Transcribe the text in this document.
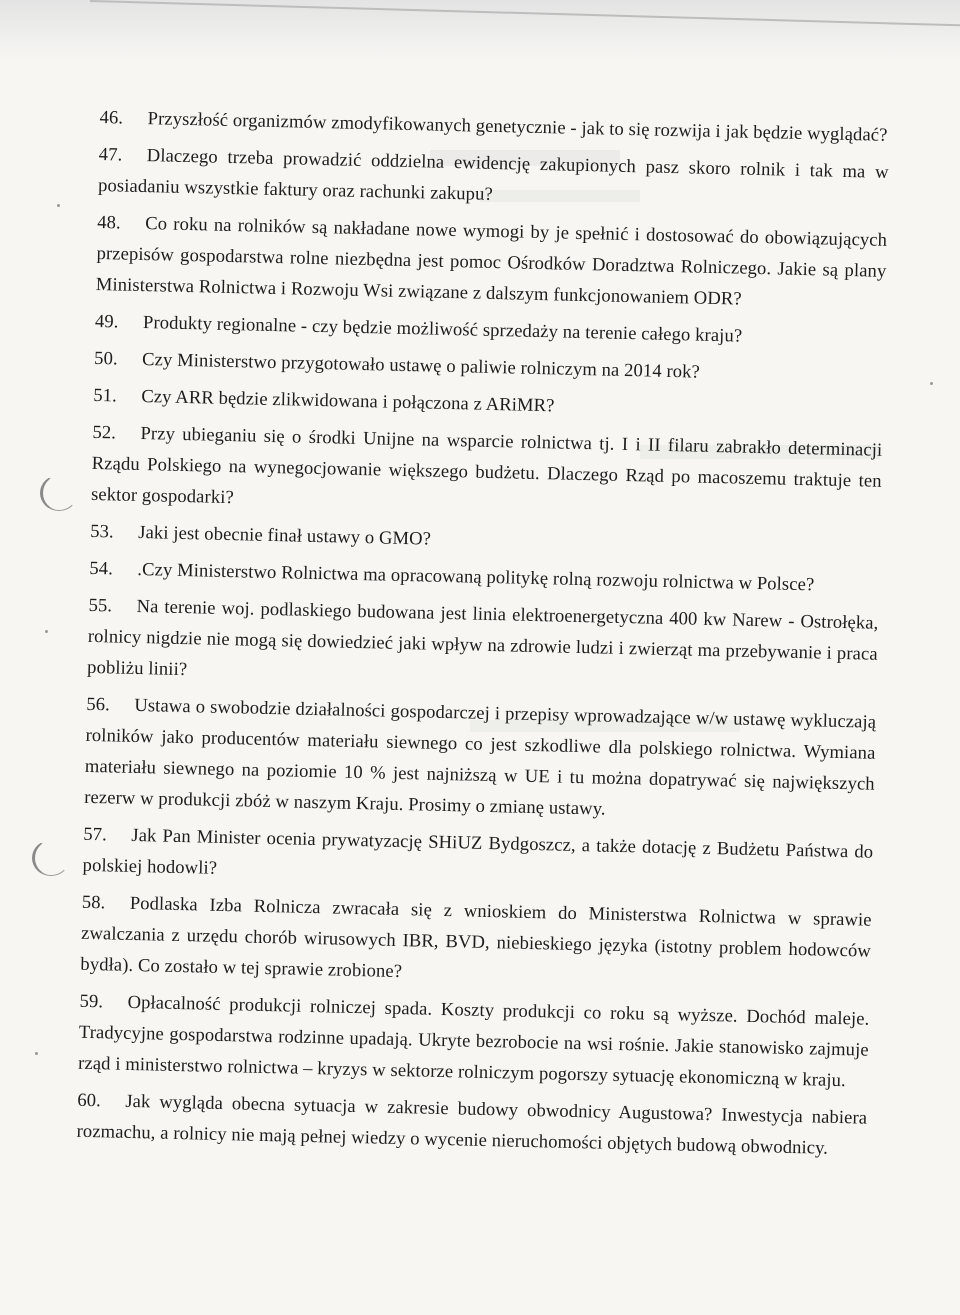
46. Przyszłość organizmów zmodyfikowanych genetycznie - jak to się rozwija i jak będzie wyglądać?

47. Dlaczego trzeba prowadzić oddzielna ewidencję zakupionych pasz skoro rolnik i tak ma w posiadaniu wszystkie faktury oraz rachunki zakupu?

48. Co roku na rolników są nakładane nowe wymogi by je spełnić i dostosować do obowiązujących przepisów gospodarstwa rolne niezbędna jest pomoc Ośrodków Doradztwa Rolniczego. Jakie są plany Ministerstwa Rolnictwa i Rozwoju Wsi związane z dalszym funkcjonowaniem ODR?

49. Produkty regionalne - czy będzie możliwość sprzedaży na terenie całego kraju?

50. Czy Ministerstwo przygotowało ustawę o paliwie rolniczym na 2014 rok?

51. Czy ARR będzie zlikwidowana i połączona z ARiMR?

52. Przy ubieganiu się o środki Unijne na wsparcie rolnictwa tj. I i II filaru zabrakło determinacji Rządu Polskiego na wynegocjowanie większego budżetu. Dlaczego Rząd po macoszemu traktuje ten sektor gospodarki?

53. Jaki jest obecnie finał ustawy o GMO?

54. .Czy Ministerstwo Rolnictwa ma opracowaną politykę rolną rozwoju rolnictwa w Polsce?

55. Na terenie woj. podlaskiego budowana jest linia elektroenergetyczna 400 kw Narew - Ostrołęka, rolnicy nigdzie nie mogą się dowiedzieć jaki wpływ na zdrowie ludzi i zwierząt ma przebywanie i praca pobliżu linii?

56. Ustawa o swobodzie działalności gospodarczej i przepisy wprowadzające w/w ustawę wykluczają rolników jako producentów materiału siewnego co jest szkodliwe dla polskiego rolnictwa. Wymiana materiału siewnego na poziomie 10 % jest najniższą w UE i tu można dopatrywać się największych rezerw w produkcji zbóż w naszym Kraju. Prosimy o zmianę ustawy.

57. Jak Pan Minister ocenia prywatyzację SHiUZ Bydgoszcz, a także dotację z Budżetu Państwa do polskiej hodowli?

58. Podlaska Izba Rolnicza zwracała się z wnioskiem do Ministerstwa Rolnictwa w sprawie zwalczania z urzędu chorób wirusowych IBR, BVD, niebieskiego języka (istotny problem hodowców bydła). Co zostało w tej sprawie zrobione?

59. Opłacalność produkcji rolniczej spada. Koszty produkcji co roku są wyższe. Dochód maleje. Tradycyjne gospodarstwa rodzinne upadają. Ukryte bezrobocie na wsi rośnie. Jakie stanowisko zajmuje rząd i ministerstwo rolnictwa – kryzys w sektorze rolniczym pogorszy sytuację ekonomiczną w kraju.

60. Jak wygląda obecna sytuacja w zakresie budowy obwodnicy Augustowa? Inwestycja nabiera rozmachu, a rolnicy nie mają pełnej wiedzy o wycenie nieruchomości objętych budową obwodnicy.
